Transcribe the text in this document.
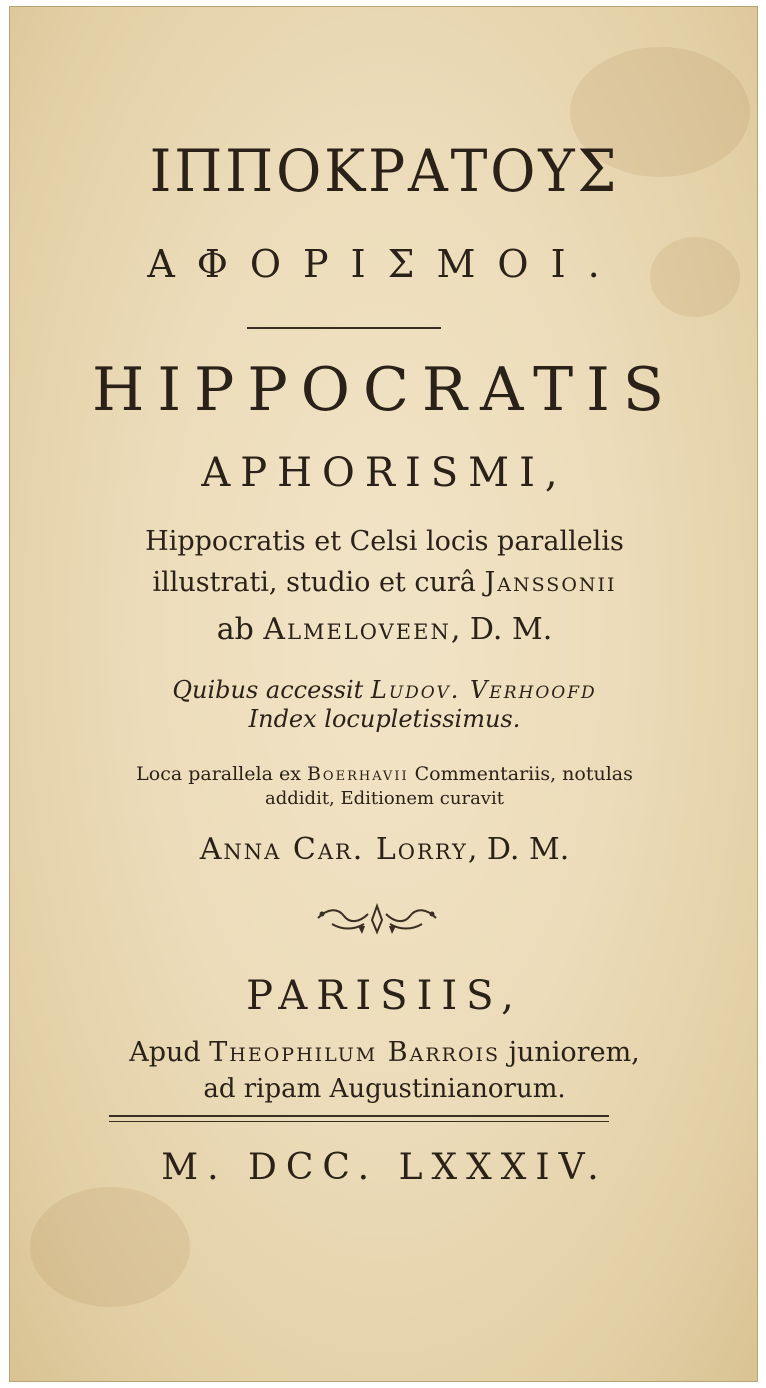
ΙΠΠΟΚΡΑΤΟΥΣ
ΑΦΟΡΙΣΜΟΙ.
HIPPOCRATIS
APHORISMI,
Hippocratis et Celsi locis parallelis
illustrati, studio et curâ Janssonii
ab Almeloveen, D. M.
Quibus accessit Ludov. Verhoofd
Index locupletissimus.
Loca parallela ex Boerhavii Commentariis, notulas
addidit, Editionem curavit
Anna Car. Lorry, D. M.
PARISIIS,
Apud Theophilum Barrois juniorem,
ad ripam Augustinianorum.
M. DCC. LXXXIV.
